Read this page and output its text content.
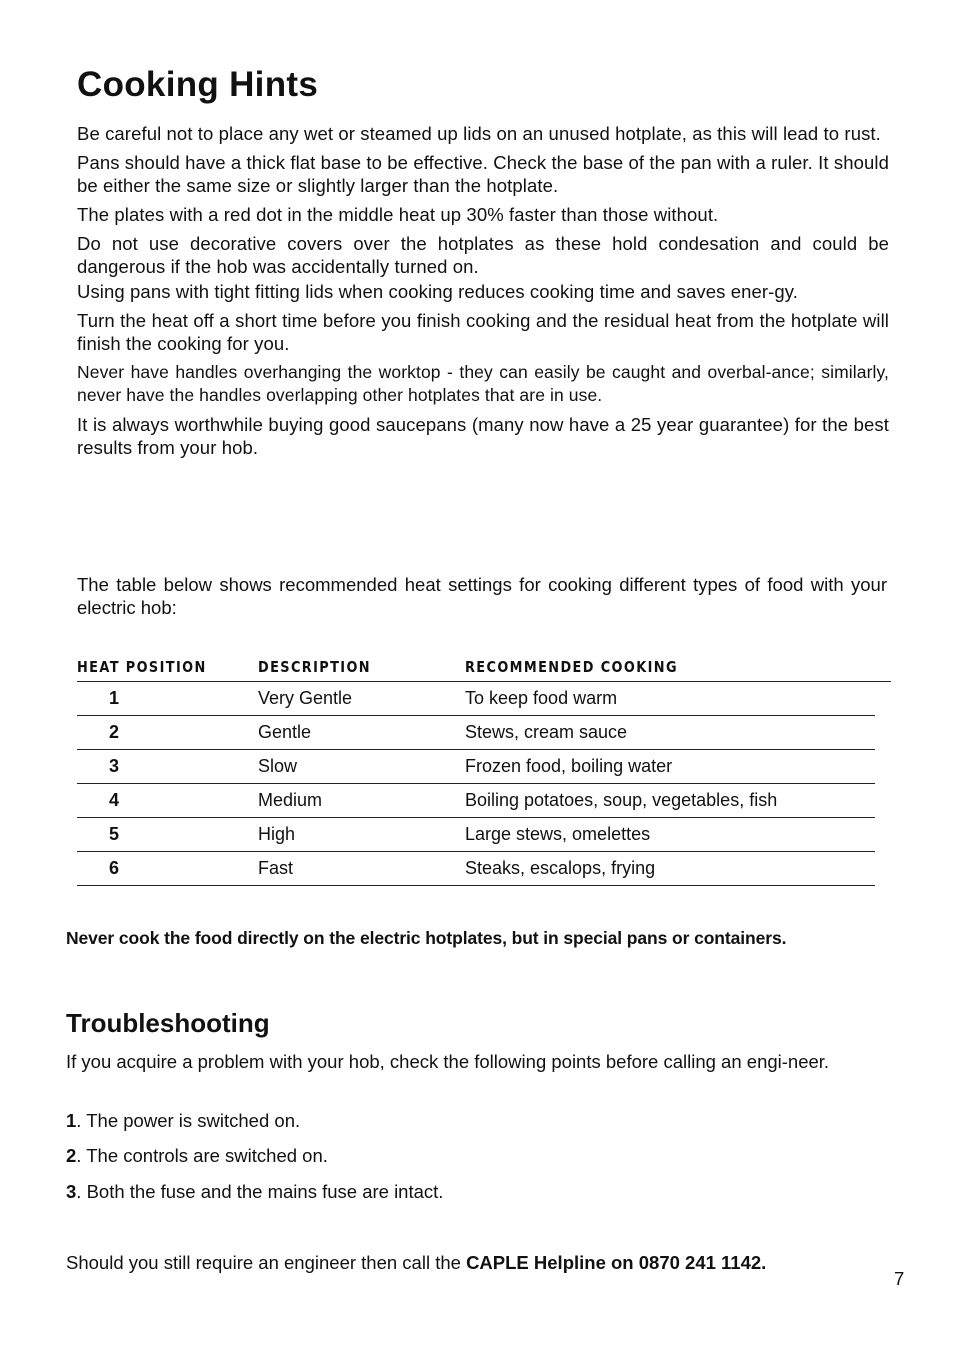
Cooking Hints

Be careful not to place any wet or steamed up lids on an unused hotplate, as this will lead to rust.

Pans should have a thick flat base to be effective. Check the base of the pan with a ruler. It should be either the same size or slightly larger than the hotplate.

The plates with a red dot in the middle heat up 30% faster than those without.

Do not use decorative covers over the hotplates as these hold condesation and could be dangerous if the hob was accidentally turned on.

Using pans with tight fitting lids when cooking reduces cooking time and saves ener-gy.

Turn the heat off a short time before you finish cooking and the residual heat from the hotplate will finish the cooking for you.

Never have handles overhanging the worktop - they can easily be caught and overbal-ance; similarly, never have the handles overlapping other hotplates that are in use.

It is always worthwhile buying good saucepans (many now have a 25 year guarantee) for the best results from your hob.

The table below shows recommended heat settings for cooking different types of food with your electric hob:

HEAT POSITION	DESCRIPTION	RECOMMENDED COOKING	
1	Very Gentle	To keep food warm	
2	Gentle	Stews, cream sauce	
3	Slow	Frozen food, boiling water	
4	Medium	Boiling potatoes, soup, vegetables, fish	
5	High	Large stews, omelettes	
6	Fast	Steaks, escalops, frying	

Never cook the food directly on the electric hotplates, but in special pans or containers.

Troubleshooting

If you acquire a problem with your hob, check the following points before calling an engi-neer.

1. The power is switched on.

2. The controls are switched on.

3. Both the fuse and the mains fuse are intact.

Should you still require an engineer then call the CAPLE Helpline on 0870 241 1142.

7
